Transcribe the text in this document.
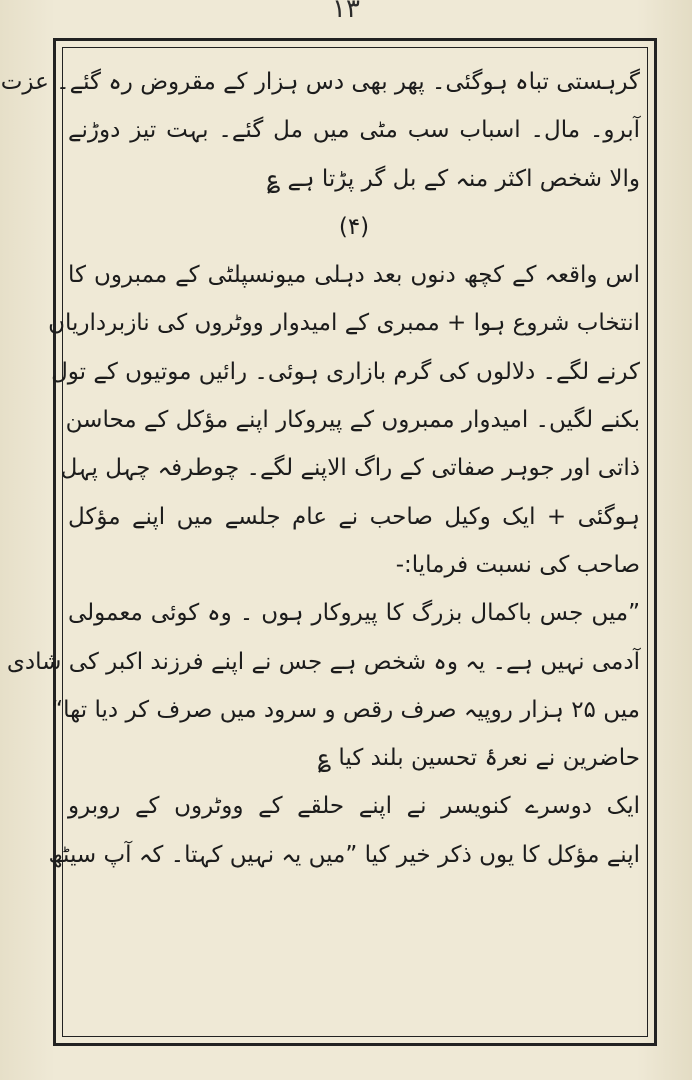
۱۳
گرہستی تباہ ہوگئی۔ پھر بھی دس ہزار کے مقروض رہ گئے۔ عزت
آبرو۔ مال۔ اسباب سب مٹی میں مل گئے۔ بہت تیز دوڑنے
والا شخص اکثر منہ کے بل گر پڑتا ہے ؏
(۴)
اس واقعہ کے کچھ دنوں بعد دہلی میونسپلٹی کے ممبروں کا
انتخاب شروع ہوا + ممبری کے امیدوار ووٹروں کی نازبرداریاں
کرنے لگے۔ دلالوں کی گرم بازاری ہوئی۔ رائیں موتیوں کے تول
بکنے لگیں۔ امیدوار ممبروں کے پیروکار اپنے مؤکل کے محاسن
ذاتی اور جوہر صفاتی کے راگ الاپنے لگے۔ چوطرفہ چہل پہل
ہوگئی + ایک وکیل صاحب نے عام جلسے میں اپنے مؤکل
صاحب کی نسبت فرمایا:-
”میں جس باکمال بزرگ کا پیروکار ہوں ۔ وہ کوئی معمولی
آدمی نہیں ہے۔ یہ وہ شخص ہے جس نے اپنے فرزند اکبر کی شادی
میں ۲۵ ہزار روپیہ صرف رقص و سرود میں صرف کر دیا تھا“
حاضرین نے نعرۂ تحسین بلند کیا ؏
ایک دوسرے کنویسر نے اپنے حلقے کے ووٹروں کے روبرو
اپنے مؤکل کا یوں ذکر خیر کیا ”میں یہ نہیں کہتا۔ کہ آپ سیٹھ
